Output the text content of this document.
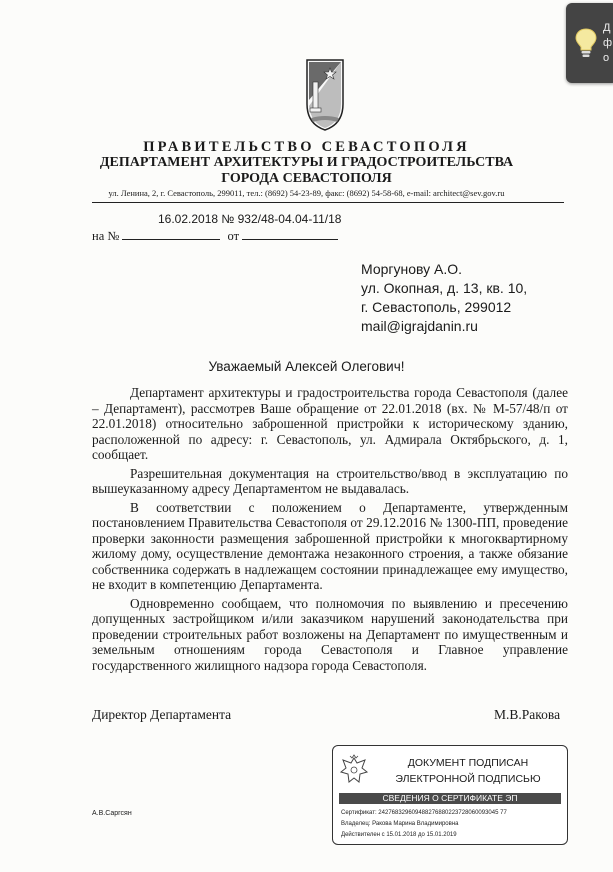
ПРАВИТЕЛЬСТВО СЕВАСТОПОЛЯ
ДЕПАРТАМЕНТ АРХИТЕКТУРЫ И ГРАДОСТРОИТЕЛЬСТВА
ГОРОДА СЕВАСТОПОЛЯ
ул. Ленина, 2, г. Севастополь, 299011, тел.: (8692) 54-23-89, факс: (8692) 54-58-68, e-mail: architect@sev.gov.ru
16.02.2018 № 932/48-04.04-11/18
на №	от
Моргунову А.О.
ул. Окопная, д. 13, кв. 10,
г. Севастополь, 299012
mail@igrajdanin.ru
Уважаемый Алексей Олегович!

Департамент архитектуры и градостроительства города Севастополя (далее – Департамент), рассмотрев Ваше обращение от 22.01.2018 (вх. № М-57/48/п от 22.01.2018) относительно заброшенной пристройки к историческому зданию, расположенной по адресу: г. Севастополь, ул. Адмирала Октябрьского, д. 1, сообщает.

Разрешительная документация на строительство/ввод в эксплуатацию по вышеуказанному адресу Департаментом не выдавалась.

В соответствии с положением о Департаменте, утвержденным постановлением Правительства Севастополя от 29.12.2016 № 1300-ПП, проведение проверки законности размещения заброшенной пристройки к многоквартирному жилому дому, осуществление демонтажа незаконного строения, а также обязание собственника содержать в надлежащем состоянии принадлежащее ему имущество, не входит в компетенцию Департамента.

Одновременно сообщаем, что полномочия по выявлению и пресечению допущенных застройщиком и/или заказчиком нарушений законодательства при проведении строительных работ возложены на Департамент по имущественным и земельным отношениям города Севастополя и Главное управление государственного жилищного надзора города Севастополя.

Директор Департамента	М.В.Ракова
А.В.Саргсян
ДОКУМЕНТ ПОДПИСАН
ЭЛЕКТРОННОЙ ПОДПИСЬЮ
СВЕДЕНИЯ О СЕРТИФИКАТЕ ЭП
Сертификат: 242768329609488276880223728060093045 77
Владелец: Ракова Марина Владимировна
Действителен с 15.01.2018 до 15.01.2019
Д
ф
о
